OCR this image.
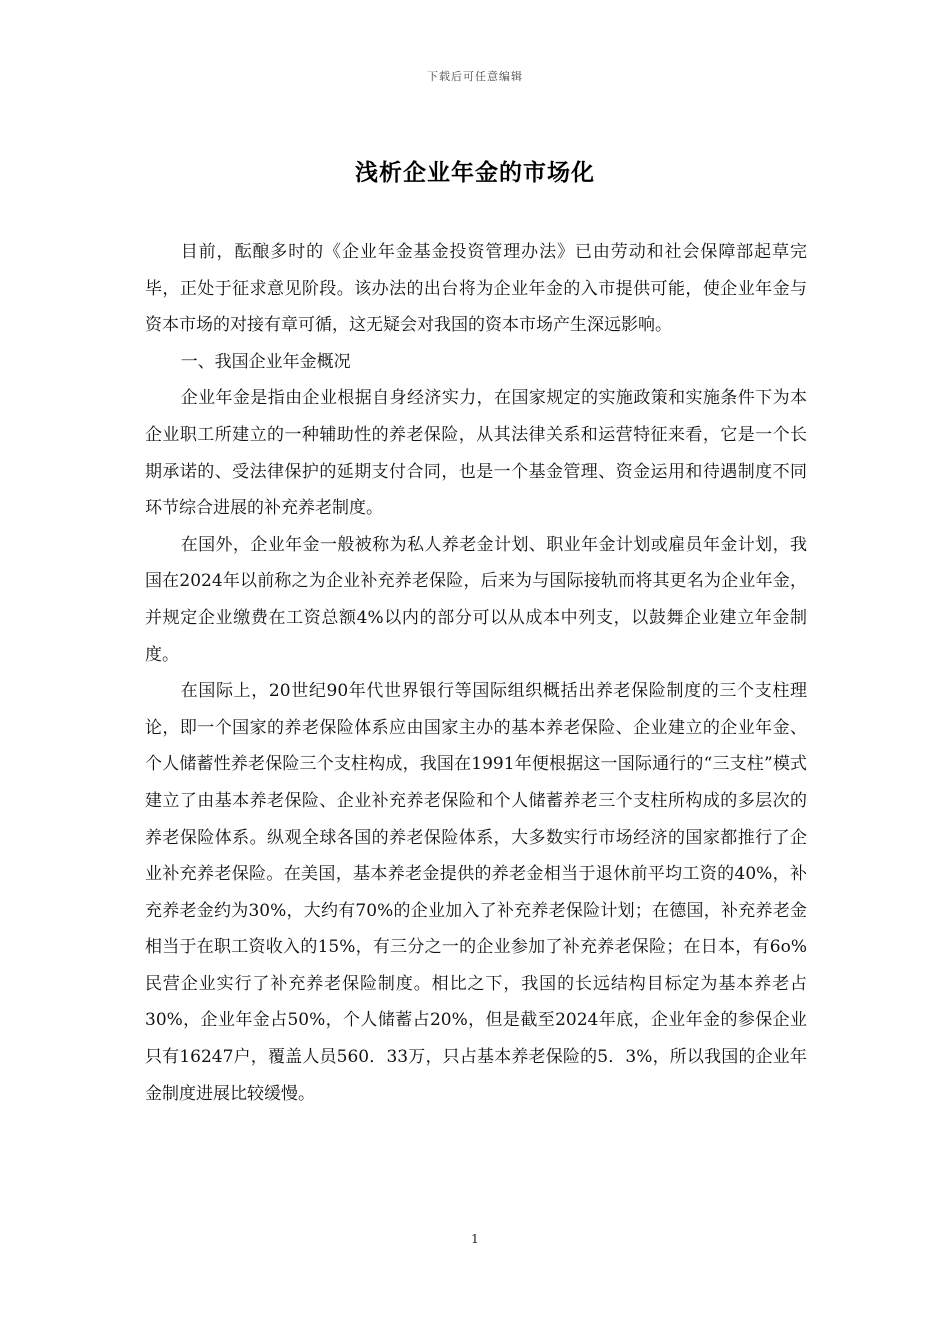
下载后可任意编辑
浅析企业年金的市场化

目前，酝酿多时的《企业年金基金投资管理办法》已由劳动和社会保障部起草完毕，正处于征求意见阶段。该办法的出台将为企业年金的入市提供可能，使企业年金与资本市场的对接有章可循，这无疑会对我国的资本市场产生深远影响。

一、我国企业年金概况

企业年金是指由企业根据自身经济实力，在国家规定的实施政策和实施条件下为本企业职工所建立的一种辅助性的养老保险，从其法律关系和运营特征来看，它是一个长期承诺的、受法律保护的延期支付合同，也是一个基金管理、资金运用和待遇制度不同环节综合进展的补充养老制度。

在国外，企业年金一般被称为私人养老金计划、职业年金计划或雇员年金计划，我国在2024年以前称之为企业补充养老保险，后来为与国际接轨而将其更名为企业年金，并规定企业缴费在工资总额4%以内的部分可以从成本中列支，以鼓舞企业建立年金制度。

在国际上，20世纪90年代世界银行等国际组织概括出养老保险制度的三个支柱理论，即一个国家的养老保险体系应由国家主办的基本养老保险、企业建立的企业年金、个人储蓄性养老保险三个支柱构成，我国在1991年便根据这一国际通行的“三支柱”模式建立了由基本养老保险、企业补充养老保险和个人储蓄养老三个支柱所构成的多层次的养老保险体系。纵观全球各国的养老保险体系，大多数实行市场经济的国家都推行了企业补充养老保险。在美国，基本养老金提供的养老金相当于退休前平均工资的40%，补充养老金约为30%，大约有70%的企业加入了补充养老保险计划；在德国，补充养老金相当于在职工资收入的15%，有三分之一的企业参加了补充养老保险；在日本，有6o%民营企业实行了补充养老保险制度。相比之下，我国的长远结构目标定为基本养老占30%，企业年金占50%，个人储蓄占20%，但是截至2024年底，企业年金的参保企业只有16247户，覆盖人员560．33万，只占基本养老保险的5．3%，所以我国的企业年金制度进展比较缓慢。

1
